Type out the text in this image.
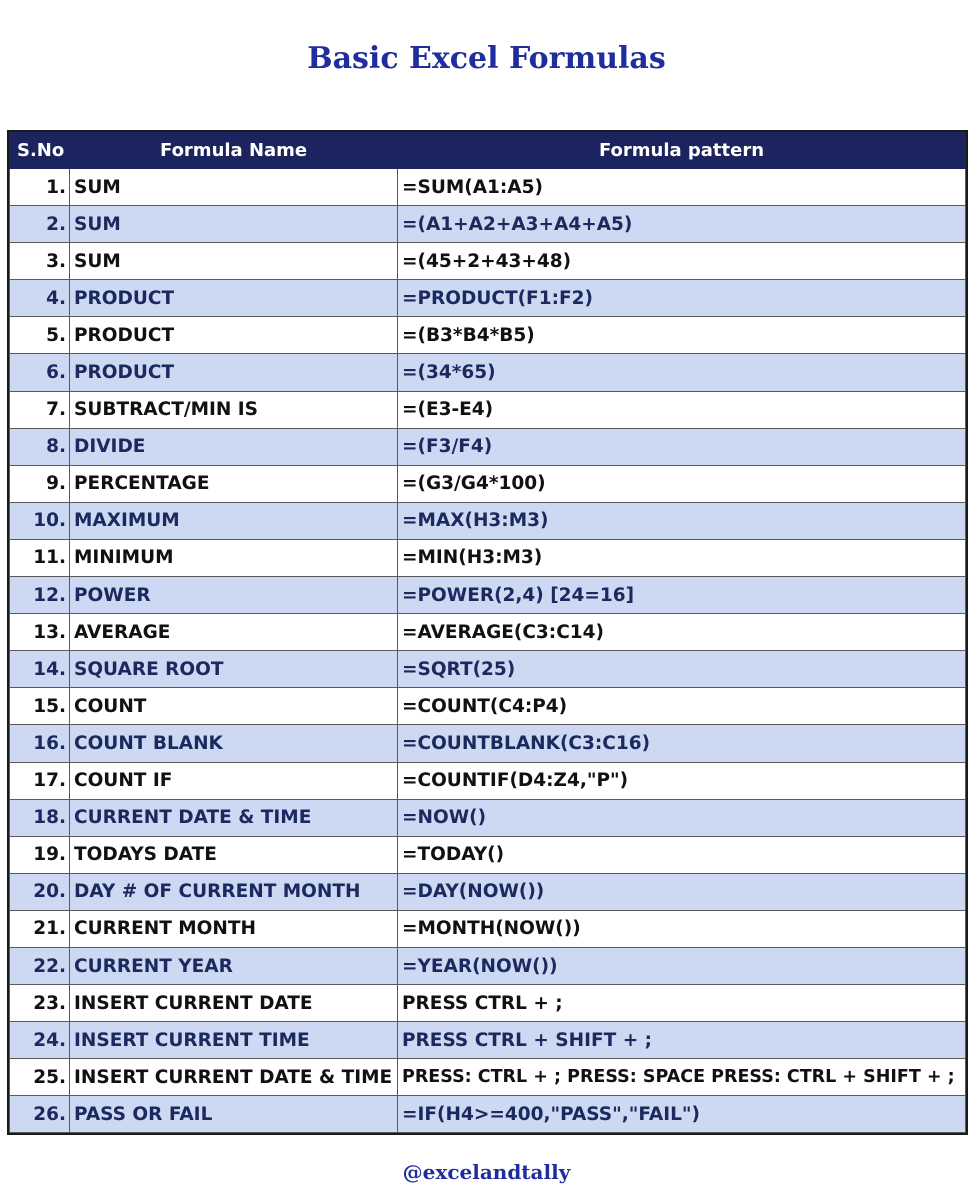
Basic Excel Formulas
S.No	Formula Name	Formula pattern
1.	SUM	=SUM(A1:A5)
2.	SUM	=(A1+A2+A3+A4+A5)
3.	SUM	=(45+2+43+48)
4.	PRODUCT	=PRODUCT(F1:F2)
5.	PRODUCT	=(B3*B4*B5)
6.	PRODUCT	=(34*65)
7.	SUBTRACT/MIN IS	=(E3-E4)
8.	DIVIDE	=(F3/F4)
9.	PERCENTAGE	=(G3/G4*100)
10.	MAXIMUM	=MAX(H3:M3)
11.	MINIMUM	=MIN(H3:M3)
12.	POWER	=POWER(2,4) [24=16]
13.	AVERAGE	=AVERAGE(C3:C14)
14.	SQUARE ROOT	=SQRT(25)
15.	COUNT	=COUNT(C4:P4)
16.	COUNT BLANK	=COUNTBLANK(C3:C16)
17.	COUNT IF	=COUNTIF(D4:Z4,"P")
18.	CURRENT DATE & TIME	=NOW()
19.	TODAYS DATE	=TODAY()
20.	DAY # OF CURRENT MONTH	=DAY(NOW())
21.	CURRENT MONTH	=MONTH(NOW())
22.	CURRENT YEAR	=YEAR(NOW())
23.	INSERT CURRENT DATE	PRESS CTRL + ;
24.	INSERT CURRENT TIME	PRESS CTRL + SHIFT + ;
25.	INSERT CURRENT DATE & TIME	PRESS: CTRL + ; PRESS: SPACE PRESS: CTRL + SHIFT + ;
26.	PASS OR FAIL	=IF(H4>=400,"PASS","FAIL")
@excelandtally
